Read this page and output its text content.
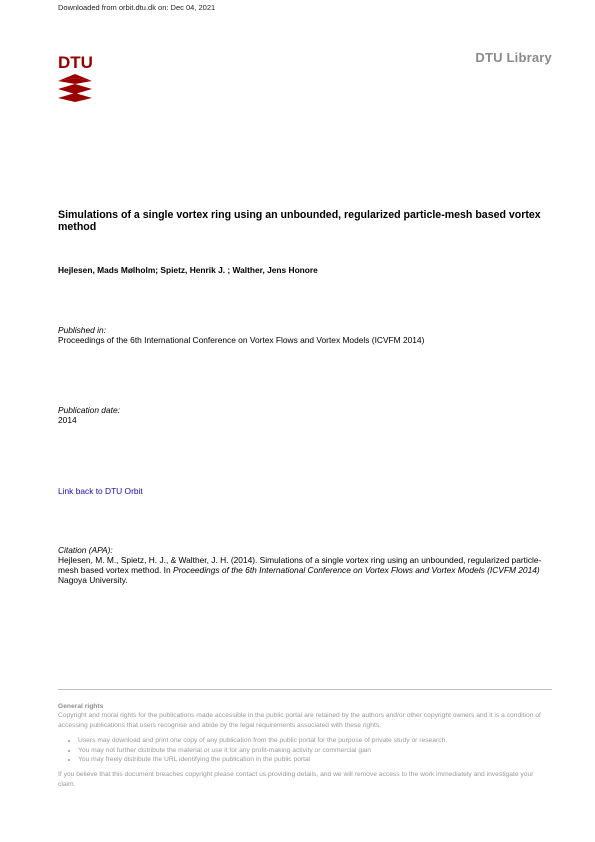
Downloaded from orbit.dtu.dk on: Dec 04, 2021
DTU	DTU Library
Simulations of a single vortex ring using an unbounded, regularized particle-mesh based vortex method
Hejlesen, Mads Mølholm; Spietz, Henrik J. ; Walther, Jens Honore
Published in:
Proceedings of the 6th International Conference on Vortex Flows and Vortex Models (ICVFM 2014)
Publication date:
2014
Link back to DTU Orbit
Citation (APA):
Hejlesen, M. M., Spietz, H. J., & Walther, J. H. (2014). Simulations of a single vortex ring using an unbounded, regularized particle-mesh based vortex method. In Proceedings of the 6th International Conference on Vortex Flows and Vortex Models (ICVFM 2014) Nagoya University.
General rights

Copyright and moral rights for the publications made accessible in the public portal are retained by the authors and/or other copyright owners and it is a condition of accessing publications that users recognise and abide by the legal requirements associated with these rights.

• Users may download and print one copy of any publication from the public portal for the purpose of private study or research.
• You may not further distribute the material or use it for any profit-making activity or commercial gain
• You may freely distribute the URL identifying the publication in the public portal

If you believe that this document breaches copyright please contact us providing details, and we will remove access to the work immediately and investigate your claim.
